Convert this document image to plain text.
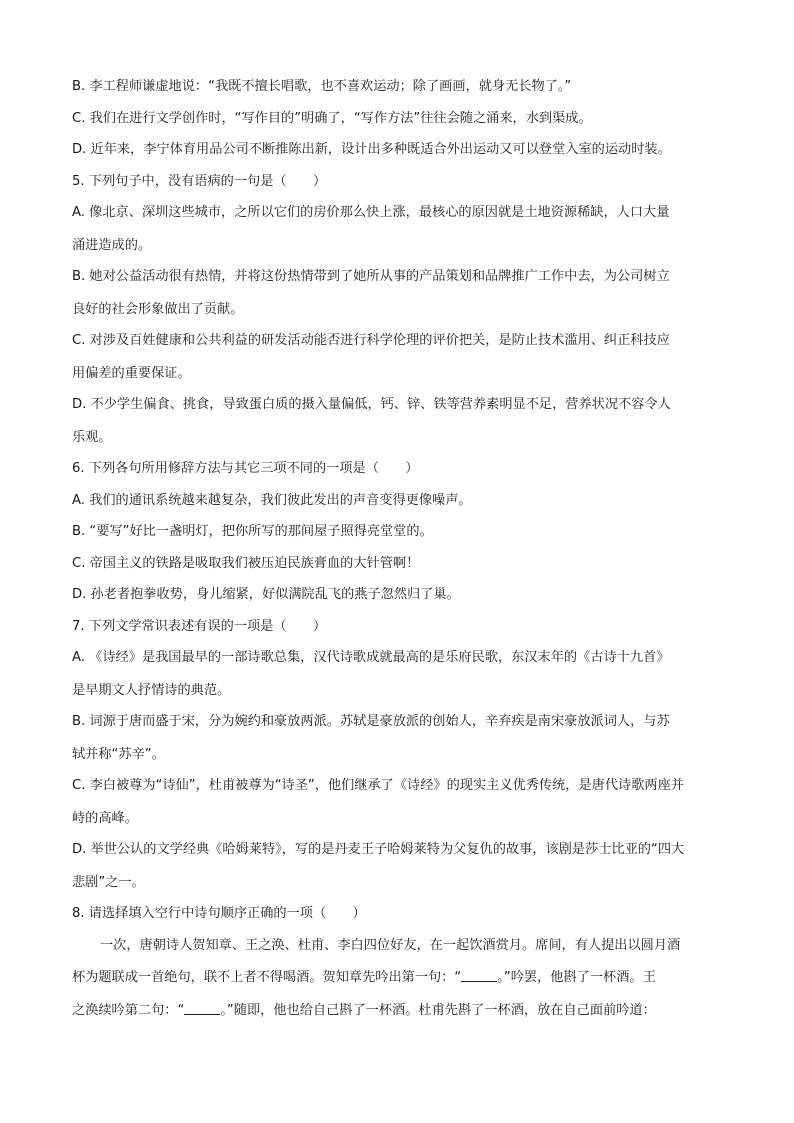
B. 李工程师谦虚地说：“我既不擅长唱歌，也不喜欢运动；除了画画，就身无长物了。”
C. 我们在进行文学创作时，“写作目的”明确了，“写作方法”往往会随之涌来，水到渠成。
D. 近年来，李宁体育用品公司不断推陈出新，设计出多种既适合外出运动又可以登堂入室的运动时装。
5. 下列句子中，没有语病的一句是（　　）
A. 像北京、深圳这些城市，之所以它们的房价那么快上涨，最核心的原因就是土地资源稀缺，人口大量
涌进造成的。
B. 她对公益活动很有热情，并将这份热情带到了她所从事的产品策划和品牌推广工作中去，为公司树立
良好的社会形象做出了贡献。
C. 对涉及百姓健康和公共利益的研发活动能否进行科学伦理的评价把关，是防止技术滥用、纠正科技应
用偏差的重要保证。
D. 不少学生偏食、挑食，导致蛋白质的摄入量偏低，钙、锌、铁等营养素明显不足，营养状况不容令人
乐观。
6. 下列各句所用修辞方法与其它三项不同的一项是（　　）
A. 我们的通讯系统越来越复杂，我们彼此发出的声音变得更像噪声。
B. “要写”好比一盏明灯，把你所写的那间屋子照得亮堂堂的。
C. 帝国主义的铁路是吸取我们被压迫民族膏血的大针管啊！
D. 孙老者抱拳收势，身儿缩紧，好似满院乱飞的燕子忽然归了巢。
7. 下列文学常识表述有误的一项是（　　）
A. 《诗经》是我国最早的一部诗歌总集，汉代诗歌成就最高的是乐府民歌，东汉末年的《古诗十九首》
是早期文人抒情诗的典范。
B. 词源于唐而盛于宋，分为婉约和豪放两派。苏轼是豪放派的创始人，辛弃疾是南宋豪放派词人，与苏
轼并称“苏辛”。
C. 李白被尊为“诗仙”，杜甫被尊为“诗圣”，他们继承了《诗经》的现实主义优秀传统，是唐代诗歌两座并
峙的高峰。
D. 举世公认的文学经典《哈姆莱特》，写的是丹麦王子哈姆莱特为父复仇的故事，该剧是莎士比亚的“四大
悲剧”之一。
8. 请选择填入空行中诗句顺序正确的一项（　　）
一次，唐朝诗人贺知章、王之涣、杜甫、李白四位好友，在一起饮酒赏月。席间，有人提出以圆月酒
杯为题联成一首绝句，联不上者不得喝酒。贺知章先吟出第一句：“	。”吟罢，他斟了一杯酒。王
之涣续吟第二句：“	。”随即，他也给自己斟了一杯酒。杜甫先斟了一杯酒，放在自己面前吟道：
